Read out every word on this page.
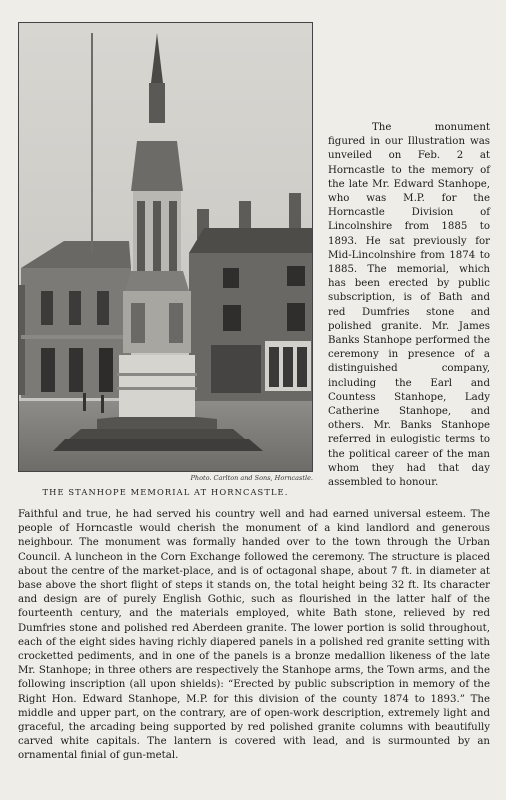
Photo. Carlton and Sons, Horncastle.
THE STANHOPE MEMORIAL AT HORNCASTLE.

The monument figured in our Illustration was unveiled on Feb. 2 at Horncastle to the memory of the late Mr. Edward Stanhope, who was M.P. for the Horncastle Division of Lincolnshire from 1885 to 1893. He sat previously for Mid-Lincolnshire from 1874 to 1885. The memorial, which has been erected by public subscription, is of Bath and red Dumfries stone and polished granite. Mr. James Banks Stanhope performed the ceremony in presence of a distinguished company, including the Earl and Countess Stanhope, Lady Catherine Stanhope, and others. Mr. Banks Stanhope referred in eulogistic terms to the political career of the man whom they had that day assembled to honour.

Faithful and true, he had served his country well and had earned universal esteem. The people of Horncastle would cherish the monument of a kind landlord and generous neighbour. The monument was formally handed over to the town through the Urban Council. A luncheon in the Corn Exchange followed the ceremony. The structure is placed about the centre of the market-place, and is of octagonal shape, about 7 ft. in diameter at base above the short flight of steps it stands on, the total height being 32 ft. Its character and design are of purely English Gothic, such as flourished in the latter half of the fourteenth century, and the materials employed, white Bath stone, relieved by red Dumfries stone and polished red Aberdeen granite. The lower portion is solid throughout, each of the eight sides having richly diapered panels in a polished red granite setting with crocketted pediments, and in one of the panels is a bronze medallion likeness of the late Mr. Stanhope; in three others are respectively the Stanhope arms, the Town arms, and the following inscription (all upon shields): “Erected by public subscription in memory of the Right Hon. Edward Stanhope, M.P. for this division of the county 1874 to 1893.” The middle and upper part, on the contrary, are of open-work description, extremely light and graceful, the arcading being supported by red polished granite columns with beautifully carved white capitals. The lantern is covered with lead, and is surmounted by an ornamental finial of gun-metal.
